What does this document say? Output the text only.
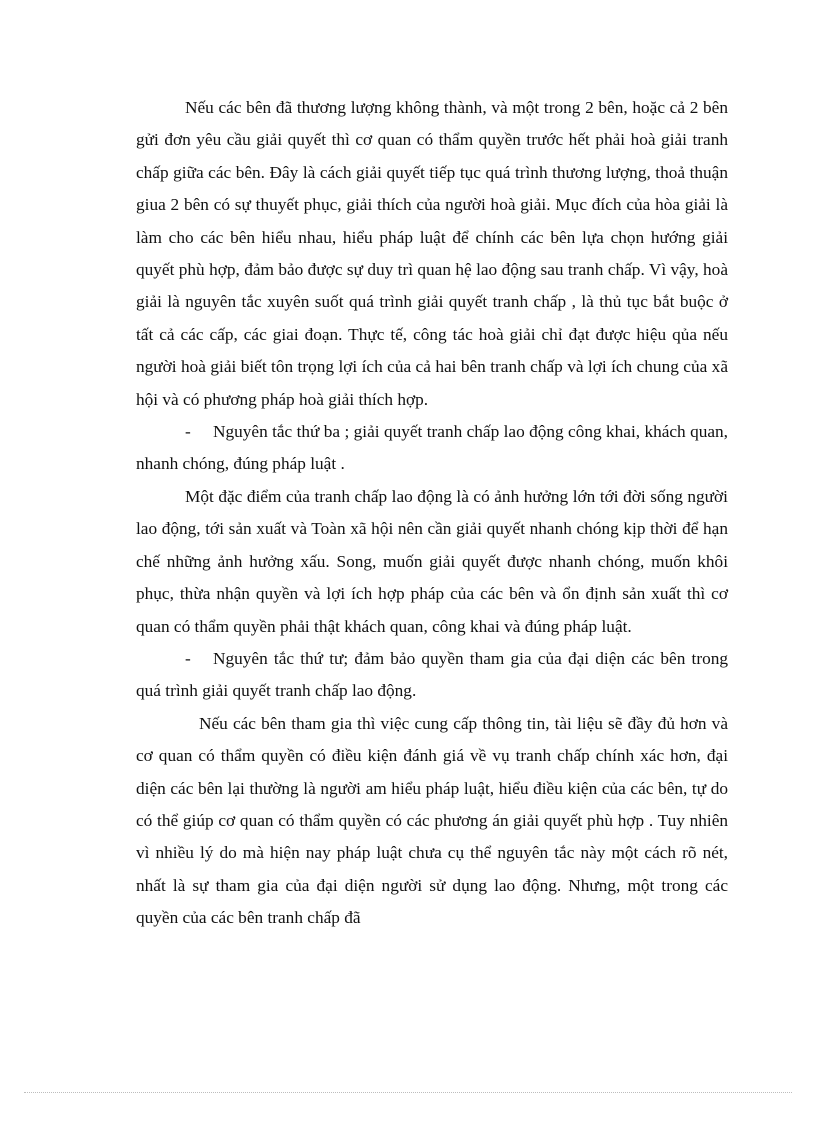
Nếu các bên đã thương lượng không thành, và một trong 2 bên, hoặc cả 2 bên gửi đơn yêu cầu giải quyết thì cơ quan có thẩm quyền trước hết phải hoà giải tranh chấp giữa các bên. Đây là cách giải quyết tiếp tục quá trình thương lượng, thoả thuận giua 2 bên có sự thuyết phục, giải thích của người hoà giải. Mục đích của hòa giải là làm cho các bên hiểu nhau, hiểu pháp luật để chính các bên lựa chọn hướng giải quyết phù hợp, đảm bảo được sự duy trì quan hệ lao động sau tranh chấp. Vì vậy, hoà giải là nguyên tắc xuyên suốt quá trình giải quyết tranh chấp , là thủ tục bắt buộc ở tất cả các cấp, các giai đoạn. Thực tế, công tác hoà giải chỉ đạt được hiệu qủa nếu người hoà giải biết tôn trọng lợi ích của cả hai bên tranh chấp và lợi ích chung của xã hội và có phương pháp hoà giải thích hợp.

- Nguyên tắc thứ ba ; giải quyết tranh chấp lao động công khai, khách quan, nhanh chóng, đúng pháp luật .

Một đặc điểm của tranh chấp lao động là có ảnh hưởng lớn tới đời sống người lao động, tới sản xuất và Toàn xã hội nên cần giải quyết nhanh chóng kịp thời để hạn chế những ảnh hưởng xấu. Song, muốn giải quyết được nhanh chóng, muốn khôi phục, thừa nhận quyền và lợi ích hợp pháp của các bên và ổn định sản xuất thì cơ quan có thẩm quyền phải thật khách quan, công khai và đúng pháp luật.

- Nguyên tắc thứ tư; đảm bảo quyền tham gia của đại diện các bên trong quá trình giải quyết tranh chấp lao động.

Nếu các bên tham gia thì việc cung cấp thông tin, tài liệu sẽ đầy đủ hơn và cơ quan có thẩm quyền có điều kiện đánh giá về vụ tranh chấp chính xác hơn, đại diện các bên lại thường là người am hiểu pháp luật, hiểu điều kiện của các bên, tự do có thể giúp cơ quan có thẩm quyền có các phương án giải quyết phù hợp . Tuy nhiên vì nhiều lý do mà hiện nay pháp luật chưa cụ thể nguyên tắc này một cách rõ nét, nhất là sự tham gia của đại diện người sử dụng lao động. Nhưng, một trong các quyền của các bên tranh chấp đã
